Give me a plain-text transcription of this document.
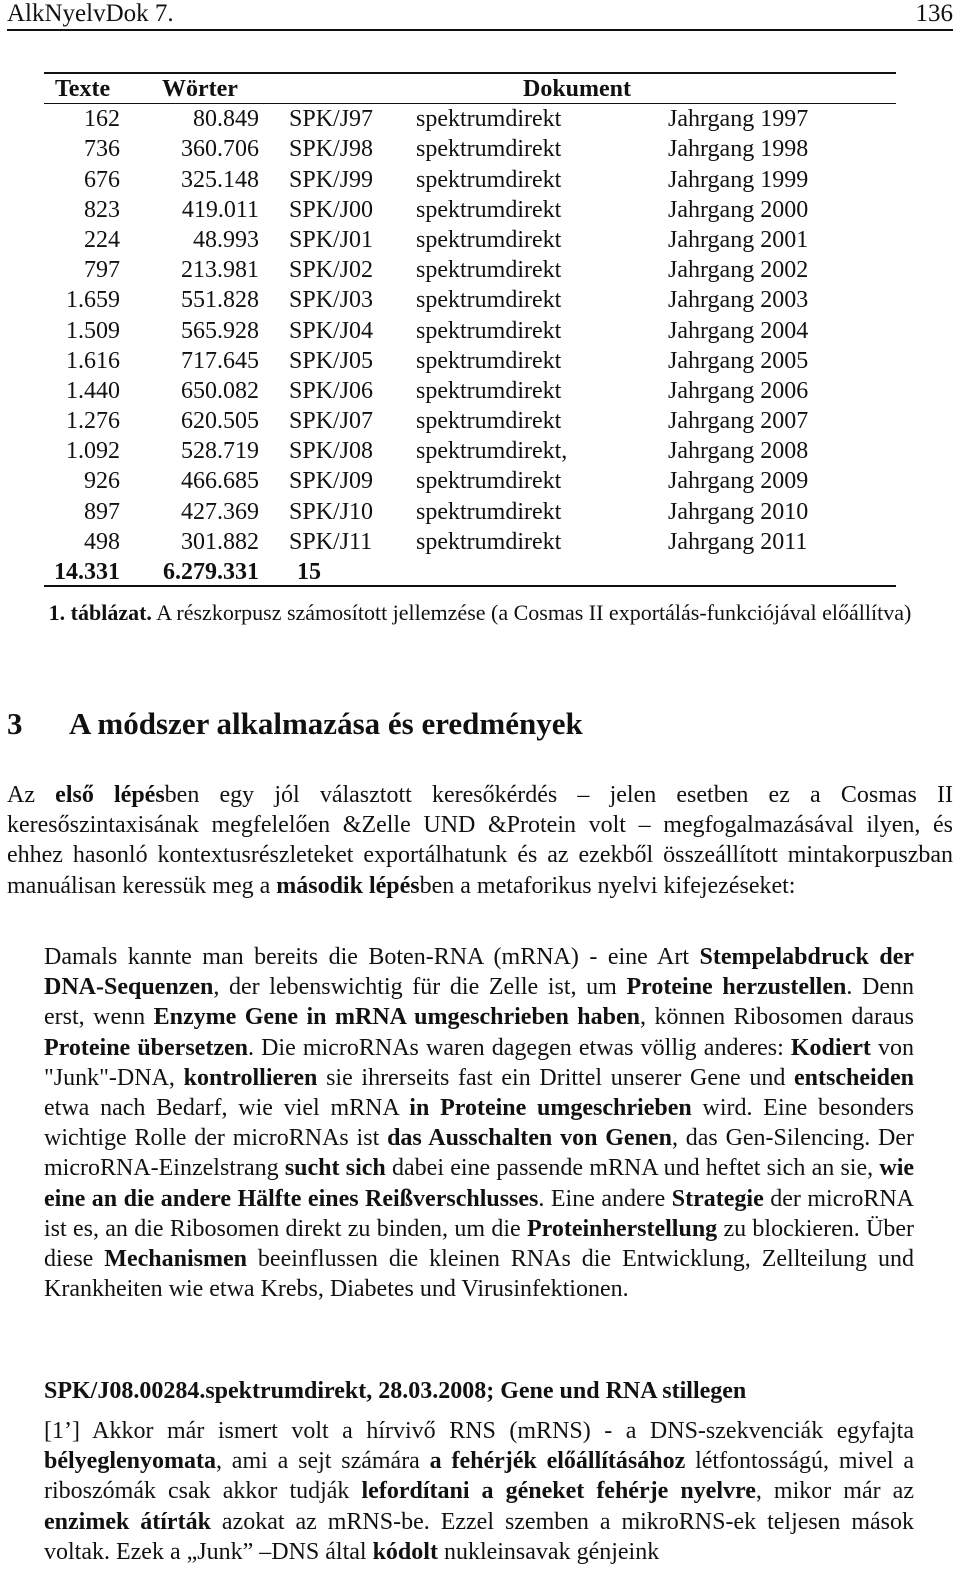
AlkNyelvDok 7.	136
Texte Wörter	Dokument
162	80.849 SPK/J97 spektrumdirekt	Jahrgang 1997
736	360.706 SPK/J98 spektrumdirekt	Jahrgang 1998
676	325.148 SPK/J99 spektrumdirekt	Jahrgang 1999
823	419.011 SPK/J00 spektrumdirekt	Jahrgang 2000
224	48.993 SPK/J01 spektrumdirekt	Jahrgang 2001
797	213.981 SPK/J02 spektrumdirekt	Jahrgang 2002
1.659	551.828 SPK/J03 spektrumdirekt	Jahrgang 2003
1.509	565.928 SPK/J04 spektrumdirekt	Jahrgang 2004
1.616	717.645 SPK/J05 spektrumdirekt	Jahrgang 2005
1.440	650.082 SPK/J06 spektrumdirekt	Jahrgang 2006
1.276	620.505 SPK/J07 spektrumdirekt	Jahrgang 2007
1.092	528.719 SPK/J08 spektrumdirekt,	Jahrgang 2008
926	466.685 SPK/J09 spektrumdirekt	Jahrgang 2009
897	427.369 SPK/J10 spektrumdirekt	Jahrgang 2010
498	301.882 SPK/J11 spektrumdirekt	Jahrgang 2011
14.331 6.279.331 15
1. táblázat. A részkorpusz számosított jellemzése (a Cosmas II exportálás-funkciójával előállítva)
3 A módszer alkalmazása és eredmények
Az első lépésben egy jól választott keresőkérdés – jelen esetben ez a Cosmas II keresőszintaxisának megfelelően &Zelle UND &Protein volt – megfogalmazásával ilyen, és ehhez hasonló kontextusrészleteket exportálhatunk és az ezekből összeállított mintakorpuszban manuálisan keressük meg a második lépésben a metaforikus nyelvi kifejezéseket:
Damals kannte man bereits die Boten-RNA (mRNA) - eine Art Stempelabdruck der DNA-Sequenzen, der lebenswichtig für die Zelle ist, um Proteine herzustellen. Denn erst, wenn Enzyme Gene in mRNA umgeschrieben haben, können Ribosomen daraus Proteine übersetzen. Die microRNAs waren dagegen etwas völlig anderes: Kodiert von "Junk"-DNA, kontrollieren sie ihrerseits fast ein Drittel unserer Gene und entscheiden etwa nach Bedarf, wie viel mRNA in Proteine umgeschrieben wird. Eine besonders wichtige Rolle der microRNAs ist das Ausschalten von Genen, das Gen-Silencing. Der microRNA-Einzelstrang sucht sich dabei eine passende mRNA und heftet sich an sie, wie eine an die andere Hälfte eines Reißverschlusses. Eine andere Strategie der microRNA ist es, an die Ribosomen direkt zu binden, um die Proteinherstellung zu blockieren. Über diese Mechanismen beeinflussen die kleinen RNAs die Entwicklung, Zellteilung und Krankheiten wie etwa Krebs, Diabetes und Virusinfektionen.
SPK/J08.00284.spektrumdirekt, 28.03.2008; Gene und RNA stillegen
[1’] Akkor már ismert volt a hírvivő RNS (mRNS) - a DNS-szekvenciák egyfajta bélyeglenyomata, ami a sejt számára a fehérjék előállításához létfontosságú, mivel a riboszómák csak akkor tudják lefordítani a géneket fehérje nyelvre, mikor már az enzimek átírták azokat az mRNS-be. Ezzel szemben a mikroRNS-ek teljesen mások voltak. Ezek a „Junk” –DNS által kódolt nukleinsavak génjeink
